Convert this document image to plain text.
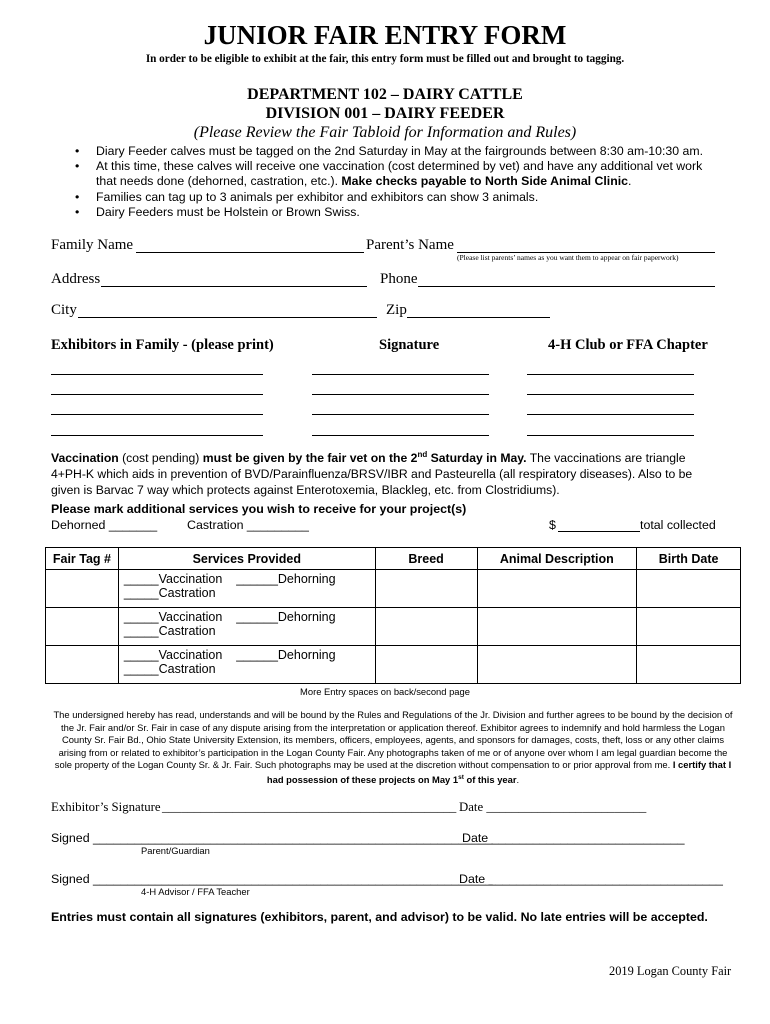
JUNIOR FAIR ENTRY FORM
In order to be eligible to exhibit at the fair, this entry form must be filled out and brought to tagging.
DEPARTMENT 102 – DAIRY CATTLE
DIVISION 001 – DAIRY FEEDER
(Please Review the Fair Tabloid for Information and Rules)
• Diary Feeder calves must be tagged on the 2nd Saturday in May at the fairgrounds between 8:30 am-10:30 am.
• At this time, these calves will receive one vaccination (cost determined by vet) and have any additional vet work
that needs done (dehorned, castration, etc.). Make checks payable to North Side Animal Clinic.
• Families can tag up to 3 animals per exhibitor and exhibitors can show 3 animals.
• Dairy Feeders must be Holstein or Brown Swiss.
Family Name	Parent’s Name
(Please list parents’ names as you want them to appear on fair paperwork)
Address	Phone
City	Zip
Exhibitors in Family - (please print)	Signature	4-H Club or FFA Chapter
Vaccination (cost pending) must be given by the fair vet on the 2nd Saturday in May. The vaccinations are triangle
4+PH-K which aids in prevention of BVD/Parainfluenza/BRSV/IBR and Pasteurella (all respiratory diseases). Also to be
given is Barvac 7 way which protects against Enterotoxemia, Blackleg, etc. from Clostridiums).
Please mark additional services you wish to receive for your project(s)
Dehorned _______ Castration _________	$	total collected
Fair Tag #	Services Provided	Breed	Animal Description	Birth Date

	_____Vaccination    ______Dehorning
_____Castration			

	_____Vaccination    ______Dehorning
_____Castration			

	_____Vaccination    ______Dehorning
_____Castration			

More Entry spaces on back/second page
The undersigned hereby has read, understands and will be bound by the Rules and Regulations of the Jr. Division and further agrees to be bound by the decision of the Jr. Fair and/or Sr. Fair in case of any dispute arising from the interpretation or application thereof. Exhibitor agrees to indemnify and hold harmless the Logan County Sr. Fair Bd., Ohio State University Extension, its members, officers, employees, agents, and sponsors for damages, costs, theft, loss or any other claims arising from or related to exhibitor’s participation in the Logan County Fair. Any photographs taken of me or of anyone over whom I am legal guardian become the sole property of the Logan County Sr. & Jr. Fair. Such photographs may be used at the discretion without compensation to or prior approval from me. I certify that I had possession of these projects on May 1st of this year.
Exhibitor’s Signature ______________________________________________ Date _________________________
Signed __________________________________________________________
Date ____________________________
Parent/Guardian
Signed __________________________________________________________
Date __________________________________
4-H Advisor / FFA Teacher
Entries must contain all signatures (exhibitors, parent, and advisor) to be valid. No late entries will be accepted.
2019 Logan County Fair
